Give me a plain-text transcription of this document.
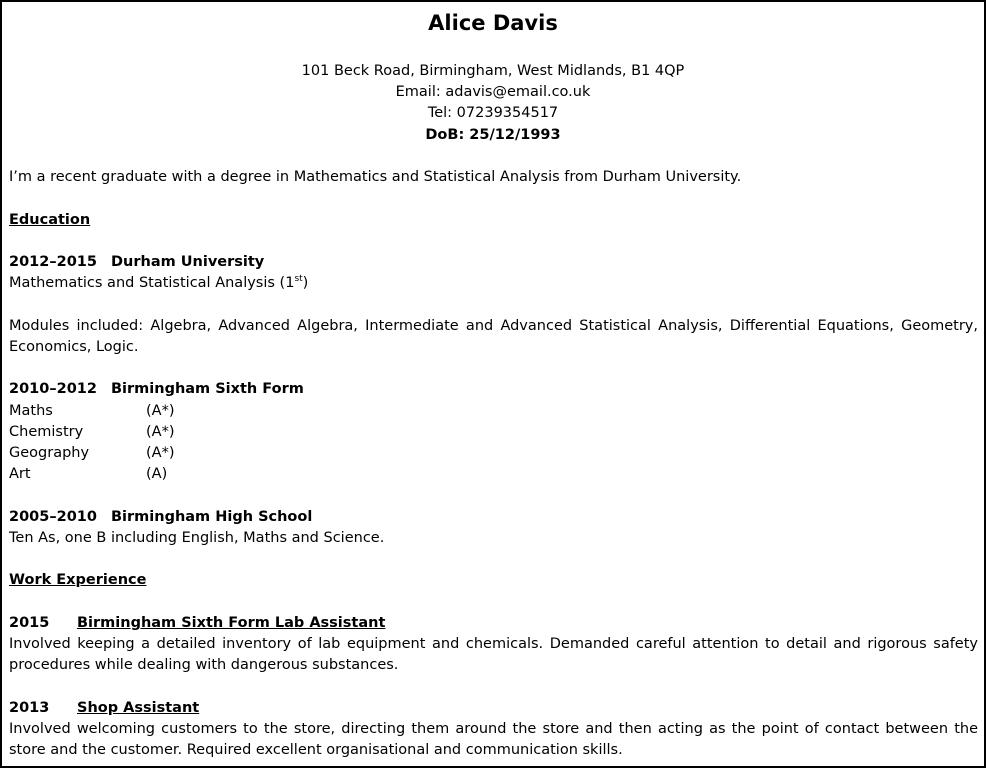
Alice Davis
101 Beck Road, Birmingham, West Midlands, B1 4QP
Email: adavis@email.co.uk
Tel: 07239354517
DoB: 25/12/1993
I’m a recent graduate with a degree in Mathematics and Statistical Analysis from Durham University.
Education
2012–2015 Durham University
Mathematics and Statistical Analysis (1st)
Modules included: Algebra, Advanced Algebra, Intermediate and Advanced Statistical Analysis, Differential Equations, Geometry, Economics, Logic.
2010–2012 Birmingham Sixth Form
Maths	(A*)
Chemistry	(A*)
Geography	(A*)
Art	(A)
2005–2010 Birmingham High School
Ten As, one B including English, Maths and Science.
Work Experience
2015 Birmingham Sixth Form Lab Assistant
Involved keeping a detailed inventory of lab equipment and chemicals. Demanded careful attention to detail and rigorous safety procedures while dealing with dangerous substances.
2013 Shop Assistant
Involved welcoming customers to the store, directing them around the store and then acting as the point of contact between the store and the customer. Required excellent organisational and communication skills.
